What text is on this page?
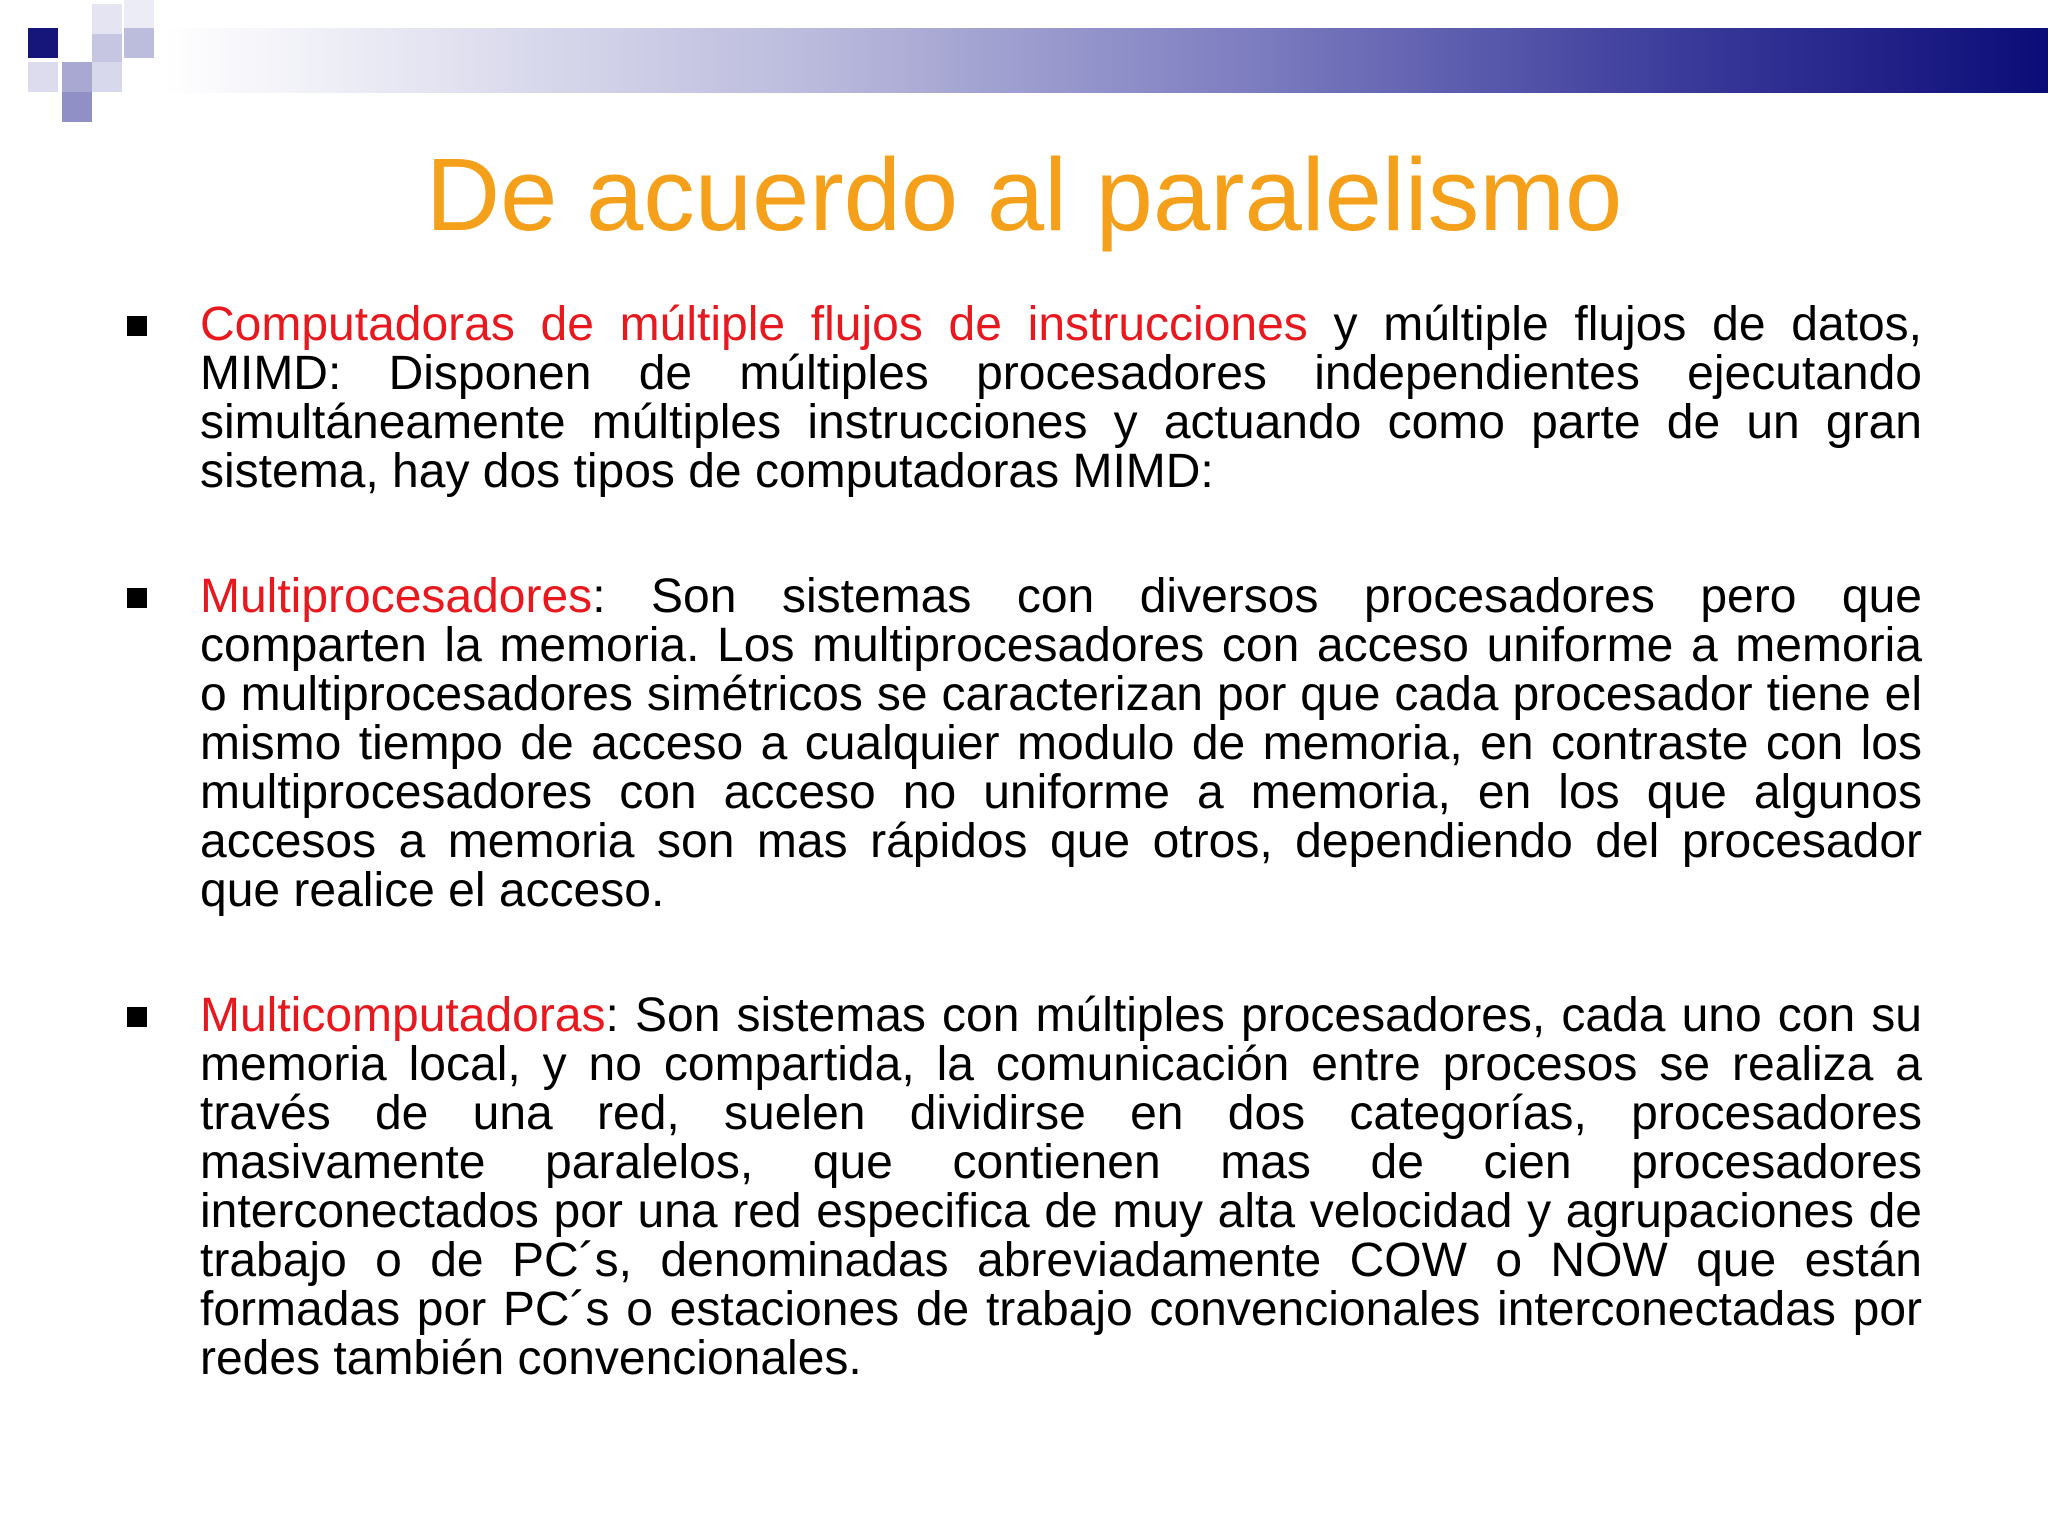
De acuerdo al paralelismo
Computadoras de múltiple flujos de instrucciones y múltiple flujos de datos, MIMD: Disponen de múltiples procesadores independientes ejecutando simultáneamente múltiples instrucciones y actuando como parte de un gran sistema, hay dos tipos de computadoras MIMD:
Multiprocesadores: Son sistemas con diversos procesadores pero que comparten la memoria. Los multiprocesadores con acceso uniforme a memoria o multiprocesadores simétricos se caracterizan por que cada procesador tiene el mismo tiempo de acceso a cualquier modulo de memoria, en contraste con los multiprocesadores con acceso no uniforme a memoria, en los que algunos accesos a memoria son mas rápidos que otros, dependiendo del procesador que realice el acceso.
Multicomputadoras: Son sistemas con múltiples procesadores, cada uno con su memoria local, y no compartida, la comunicación entre procesos se realiza a través de una red, suelen dividirse en dos categorías, procesadores masivamente paralelos, que contienen mas de cien procesadores interconectados por una red especifica de muy alta velocidad y agrupaciones de trabajo o de PC´s, denominadas abreviadamente COW o NOW que están formadas por PC´s o estaciones de trabajo convencionales interconectadas por redes también convencionales.
